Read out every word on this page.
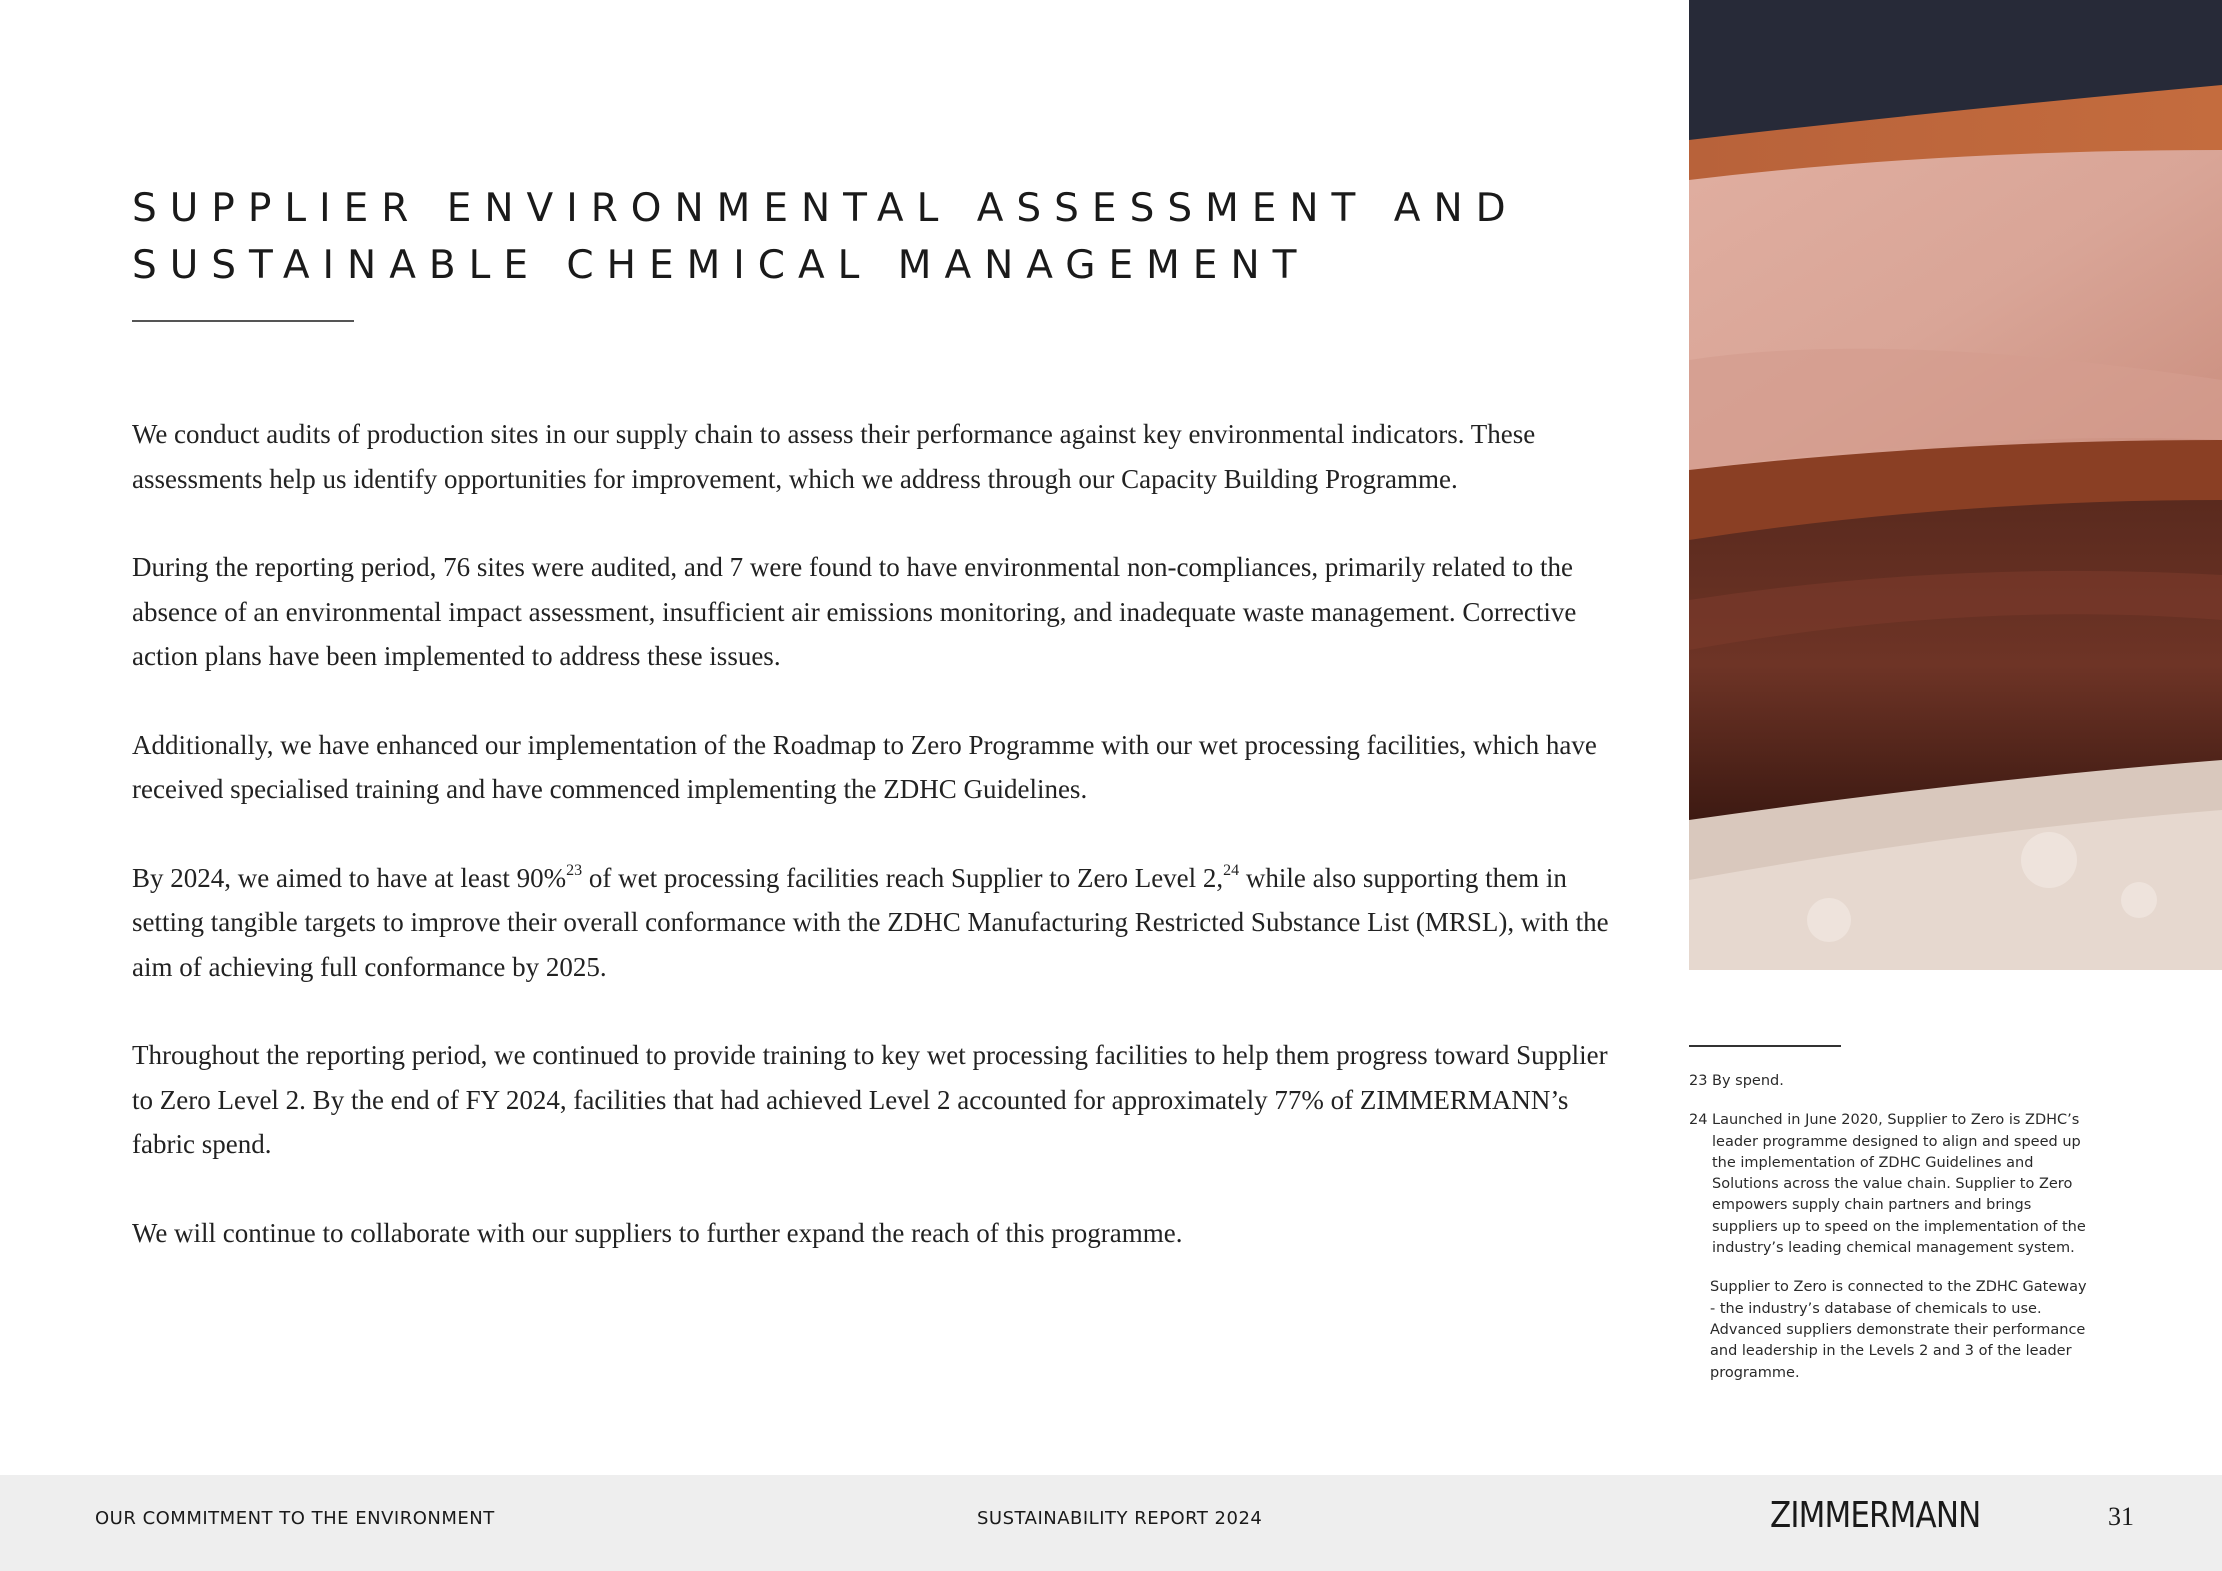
SUPPLIER ENVIRONMENTAL ASSESSMENT AND
SUSTAINABLE CHEMICAL MANAGEMENT

We conduct audits of production sites in our supply chain to assess their performance against key environmental indicators. These assessments help us identify opportunities for improvement, which we address through our Capacity Building Programme.

During the reporting period, 76 sites were audited, and 7 were found to have environmental non-compliances, primarily related to the absence of an environmental impact assessment, insufficient air emissions monitoring, and inadequate waste management. Corrective action plans have been implemented to address these issues.

Additionally, we have enhanced our implementation of the Roadmap to Zero Programme with our wet processing facilities, which have received specialised training and have commenced implementing the ZDHC Guidelines.

By 2024, we aimed to have at least 90%$^{23}$ of wet processing facilities reach Supplier to Zero Level 2,24 while also supporting them in setting tangible targets to improve their overall conformance with the ZDHC Manufacturing Restricted Substance List (MRSL), with the aim of achieving full conformance by 2025.

Throughout the reporting period, we continued to provide training to key wet processing facilities to help them progress toward Supplier to Zero Level 2. By the end of FY 2024, facilities that had achieved Level 2 accounted for approximately 77% of ZIMMERMANN’s fabric spend.

We will continue to collaborate with our suppliers to further expand the reach of this programme.

23 By spend.
24 Launched in June 2020, Supplier to Zero is ZDHC’s leader programme designed to align and speed up the implementation of ZDHC Guidelines and Solutions across the value chain. Supplier to Zero empowers supply chain partners and brings suppliers up to speed on the implementation of the industry’s leading chemical management system.
Supplier to Zero is connected to the ZDHC Gateway - the industry’s database of chemicals to use. Advanced suppliers demonstrate their performance and leadership in the Levels 2 and 3 of the leader programme.
OUR COMMITMENT TO THE ENVIRONMENT	SUSTAINABILITY REPORT 2024	ZIMMERMANN	31
